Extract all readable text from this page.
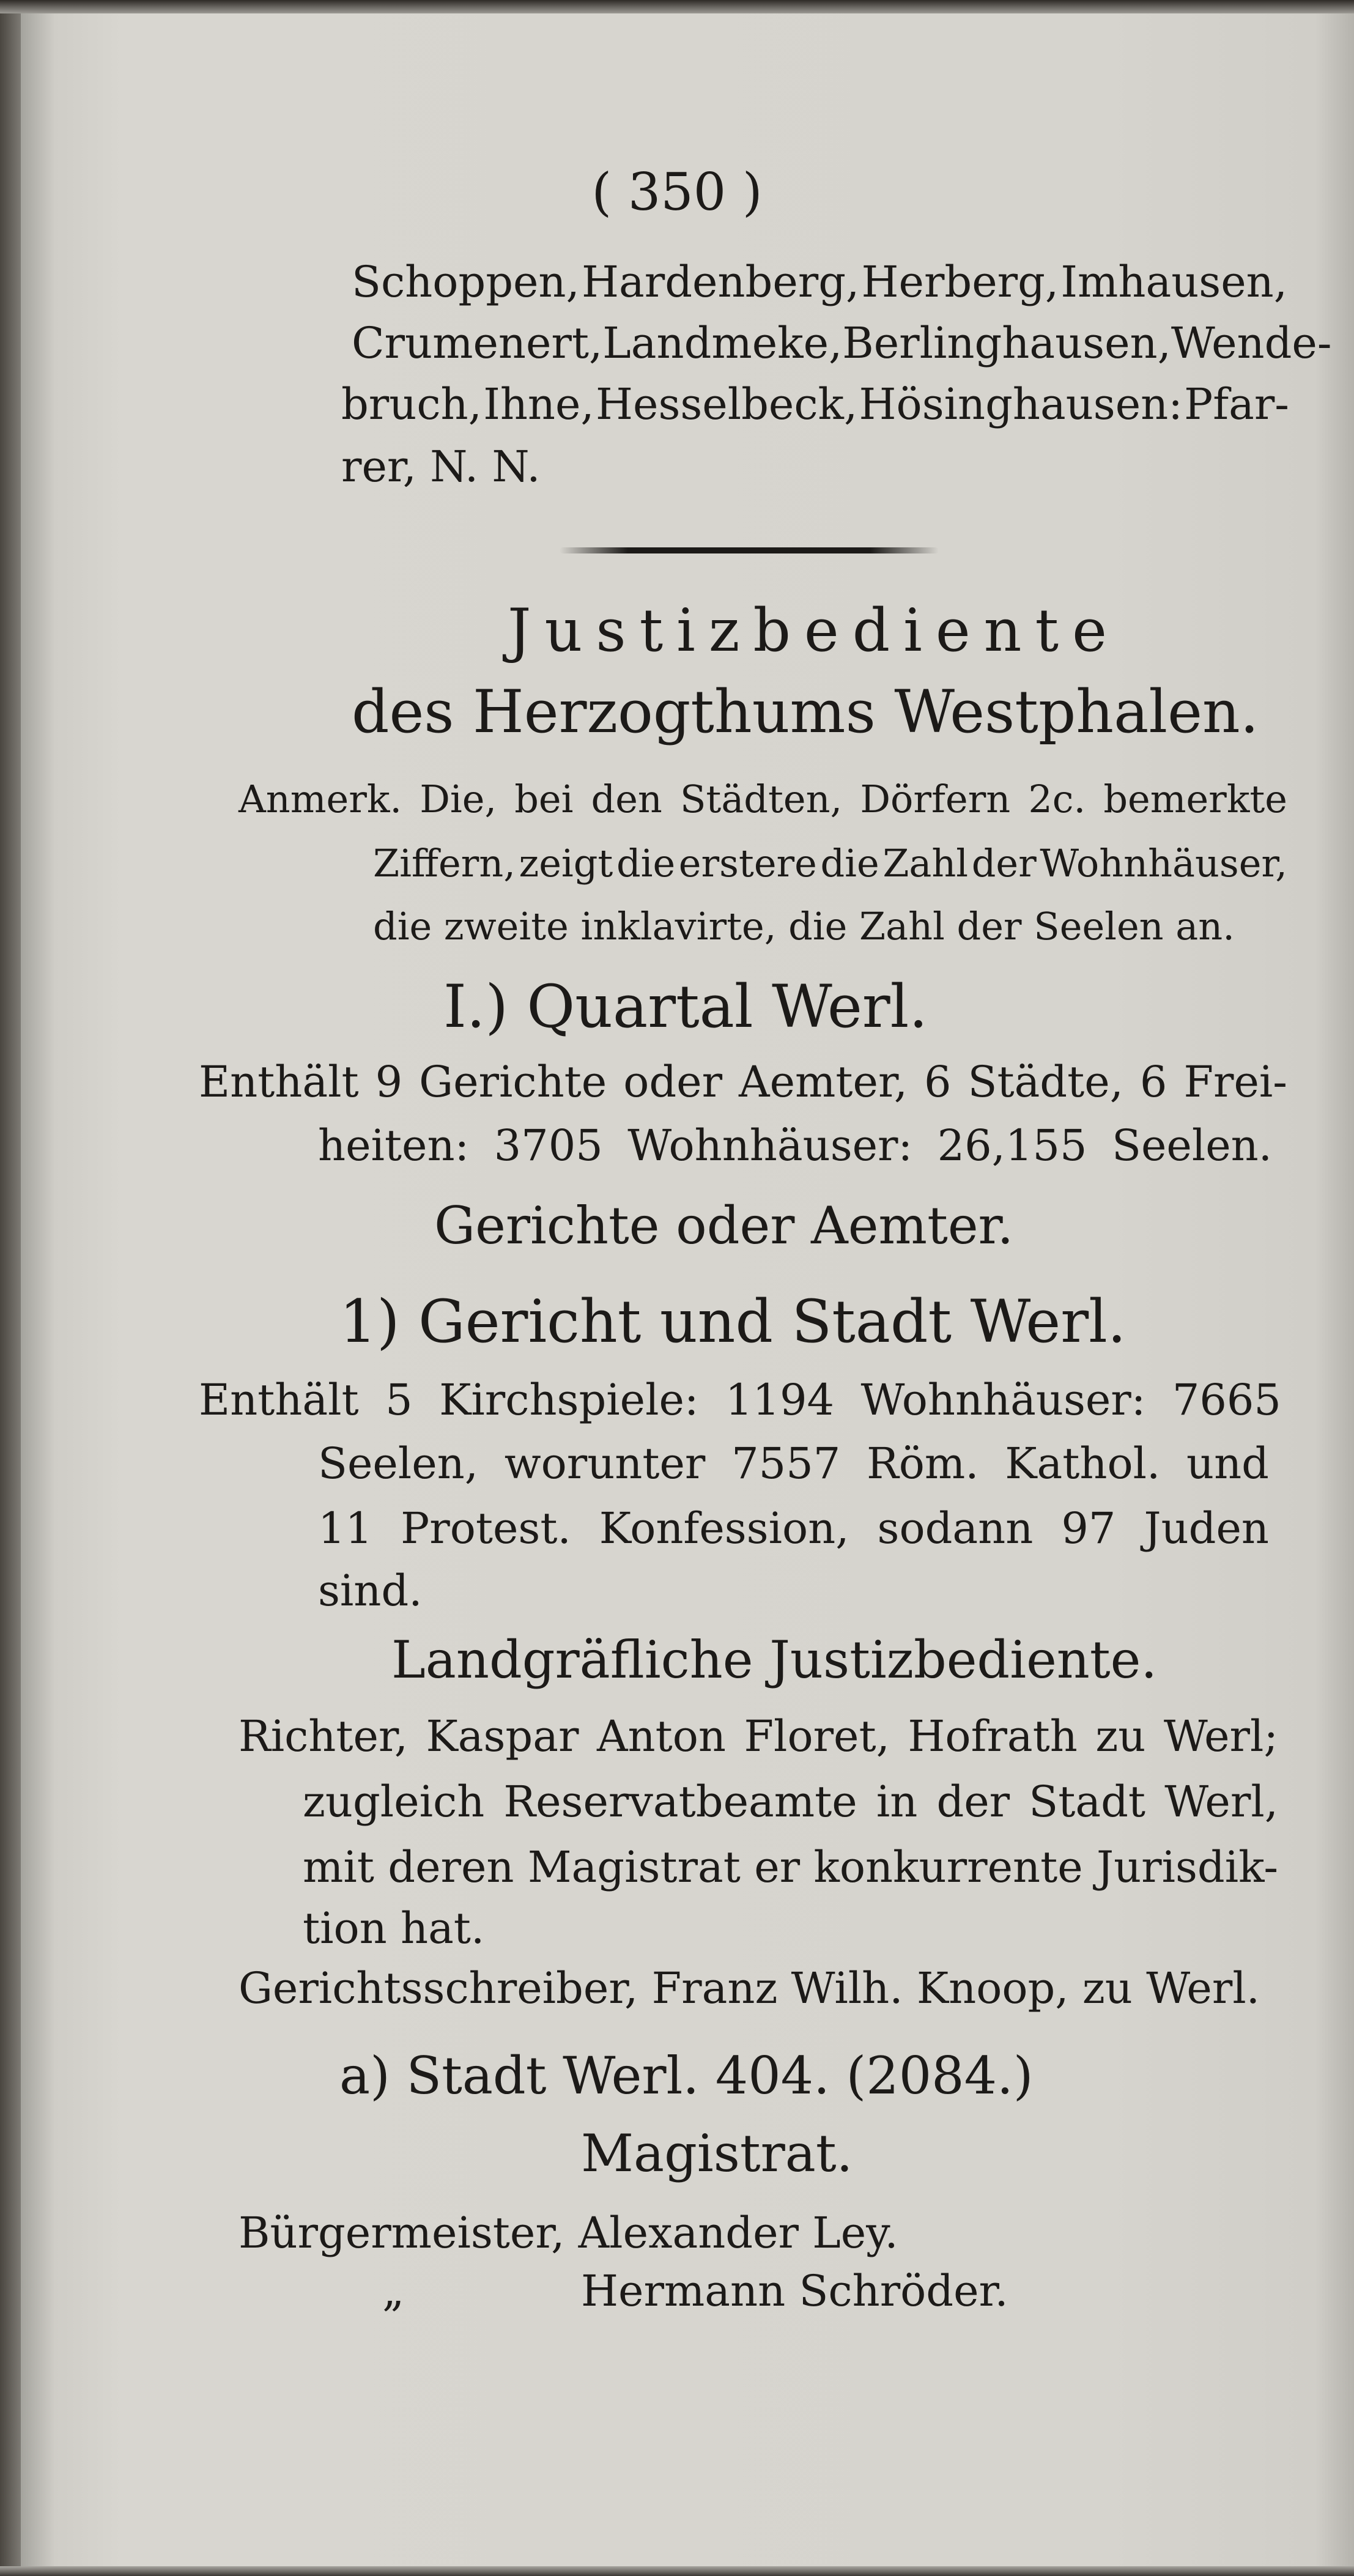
( 350 )
Schoppen, Hardenberg, Herberg, Imhausen,
Crumenert, Landmeke, Berlinghausen, Wende-
bruch, Ihne, Hesselbeck, Hösinghausen: Pfar-
rer, N. N.
Justizbediente
des Herzogthums Westphalen.
Anmerk. Die, bei den Städten, Dörfern 2c. bemerkte
Ziffern, zeigt die erstere die Zahl der Wohnhäuser,
die zweite inklavirte, die Zahl der Seelen an.
I.) Quartal Werl.
Enthält 9 Gerichte oder Aemter, 6 Städte, 6 Frei-
heiten: 3705 Wohnhäuser: 26,155 Seelen.
Gerichte oder Aemter.
1) Gericht und Stadt Werl.
Enthält 5 Kirchspiele: 1194 Wohnhäuser: 7665
Seelen, worunter 7557 Röm. Kathol. und
11 Protest. Konfession, sodann 97 Juden
sind.
Landgräfliche Justizbediente.
Richter, Kaspar Anton Floret, Hofrath zu Werl;
zugleich Reservatbeamte in der Stadt Werl,
mit deren Magistrat er konkurrente Jurisdik-
tion hat.
Gerichtsschreiber, Franz Wilh. Knoop, zu Werl.
a) Stadt Werl. 404. (2084.)
Magistrat.
Bürgermeister, Alexander Ley.
„	Hermann Schröder.
